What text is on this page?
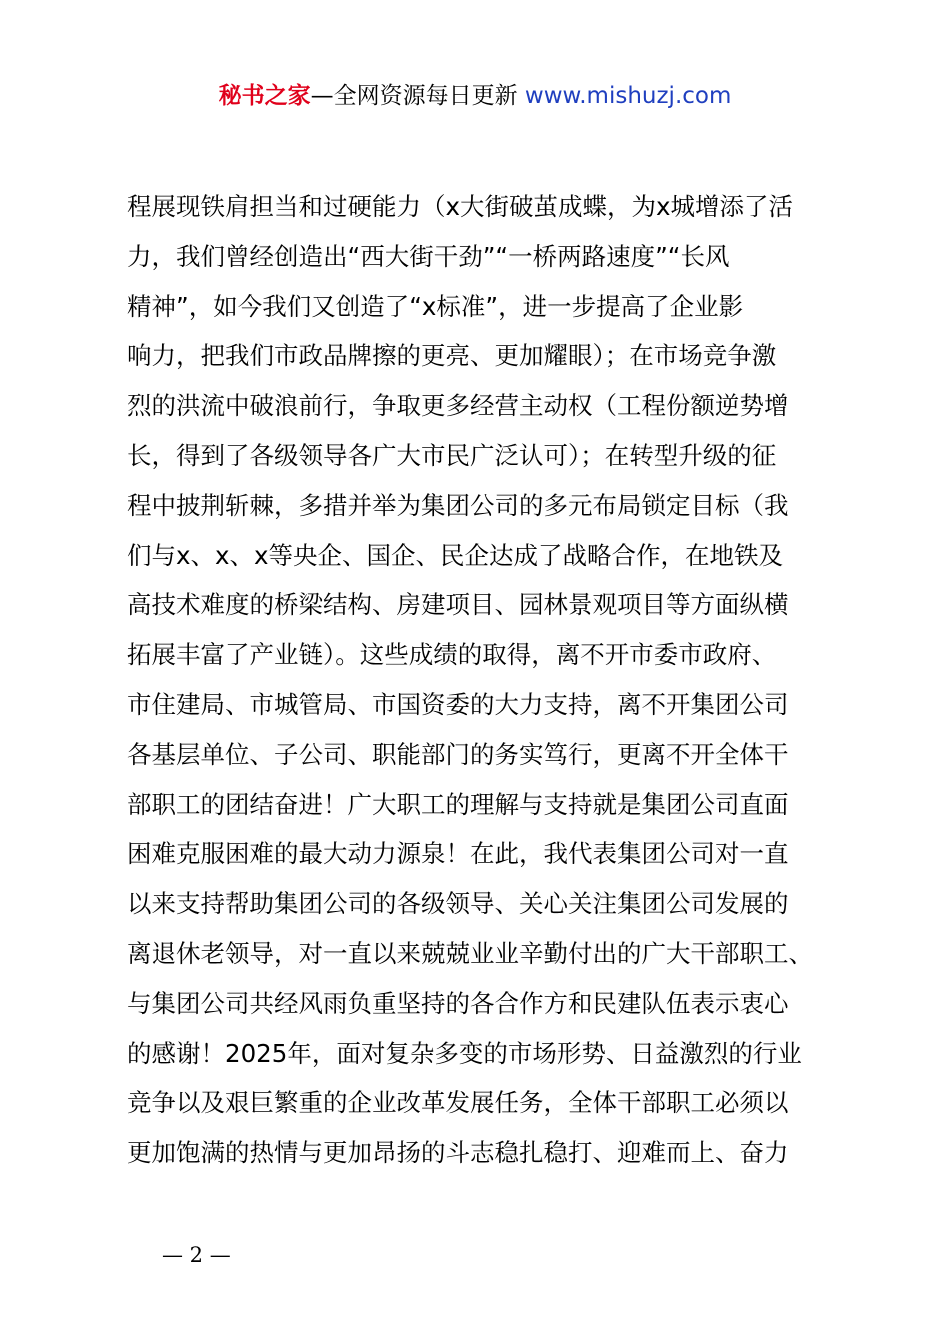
秘书之家—全网资源每日更新 www.mishuzj.com
程展现铁肩担当和过硬能力（x大街破茧成蝶，为x城增添了活
力，我们曾经创造出“西大街干劲”“一桥两路速度”“长风
精神”，如今我们又创造了“x标准”，进一步提高了企业影
响力，把我们市政品牌擦的更亮、更加耀眼）；在市场竞争激
烈的洪流中破浪前行，争取更多经营主动权（工程份额逆势增
长，得到了各级领导各广大市民广泛认可）；在转型升级的征
程中披荆斩棘，多措并举为集团公司的多元布局锁定目标（我
们与x、x、x等央企、国企、民企达成了战略合作，在地铁及
高技术难度的桥梁结构、房建项目、园林景观项目等方面纵横
拓展丰富了产业链）。这些成绩的取得，离不开市委市政府、
市住建局、市城管局、市国资委的大力支持，离不开集团公司
各基层单位、子公司、职能部门的务实笃行，更离不开全体干
部职工的团结奋进！广大职工的理解与支持就是集团公司直面
困难克服困难的最大动力源泉！在此，我代表集团公司对一直
以来支持帮助集团公司的各级领导、关心关注集团公司发展的
离退休老领导，对一直以来兢兢业业辛勤付出的广大干部职工、
与集团公司共经风雨负重坚持的各合作方和民建队伍表示衷心
的感谢！2025年，面对复杂多变的市场形势、日益激烈的行业
竞争以及艰巨繁重的企业改革发展任务，全体干部职工必须以
更加饱满的热情与更加昂扬的斗志稳扎稳打、迎难而上、奋力
— 2 —
